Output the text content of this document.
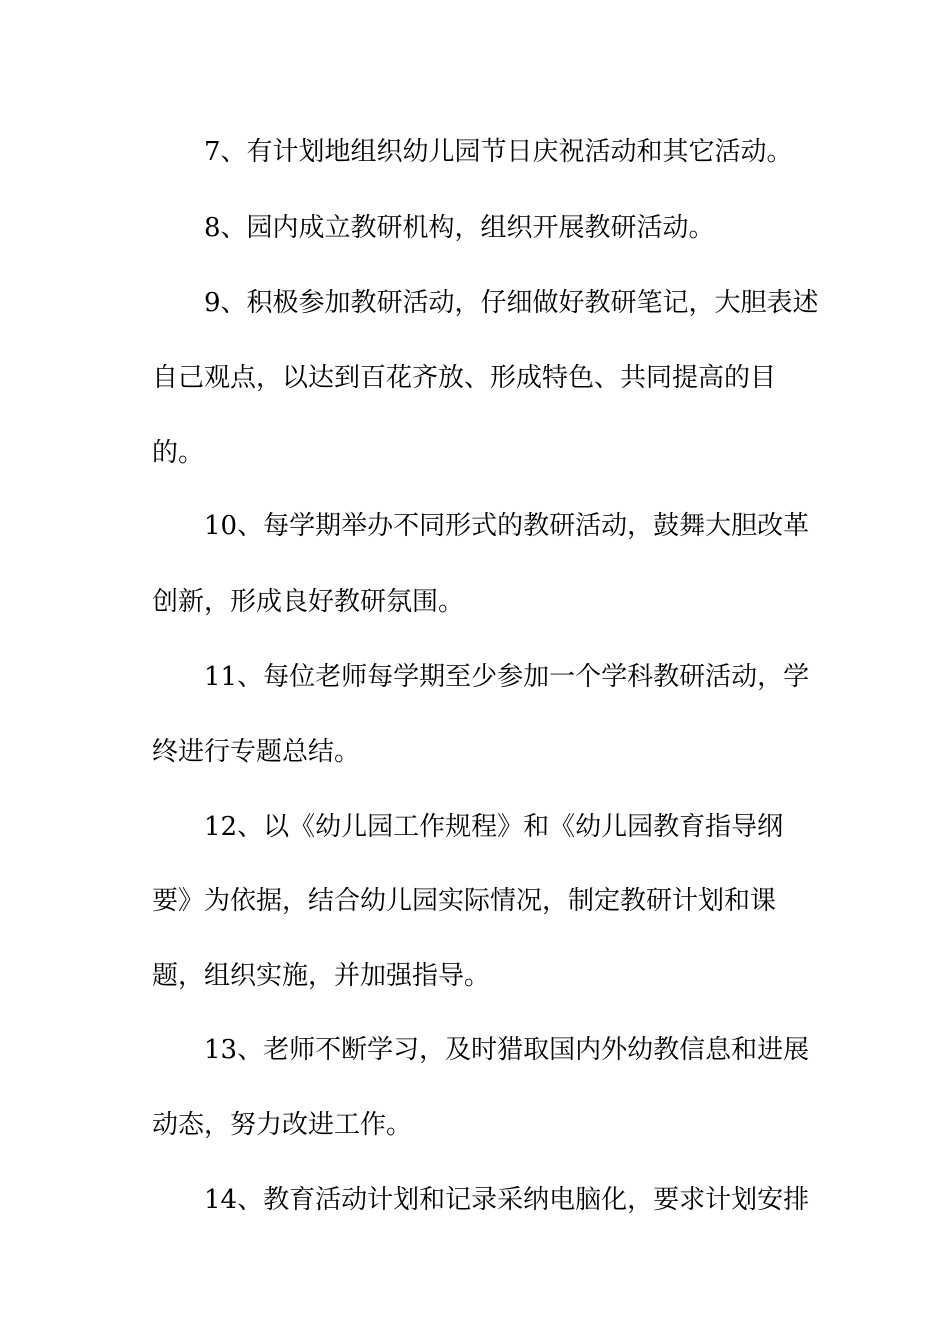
7、有计划地组织幼儿园节日庆祝活动和其它活动。
8、园内成立教研机构，组织开展教研活动。
9、积极参加教研活动，仔细做好教研笔记，大胆表述
自己观点，以达到百花齐放、形成特色、共同提高的目
的。
10、每学期举办不同形式的教研活动，鼓舞大胆改革
创新，形成良好教研氛围。
11、每位老师每学期至少参加一个学科教研活动，学
终进行专题总结。
12、以《幼儿园工作规程》和《幼儿园教育指导纲
要》为依据，结合幼儿园实际情况，制定教研计划和课
题，组织实施，并加强指导。
13、老师不断学习，及时猎取国内外幼教信息和进展
动态，努力改进工作。
14、教育活动计划和记录采纳电脑化，要求计划安排
